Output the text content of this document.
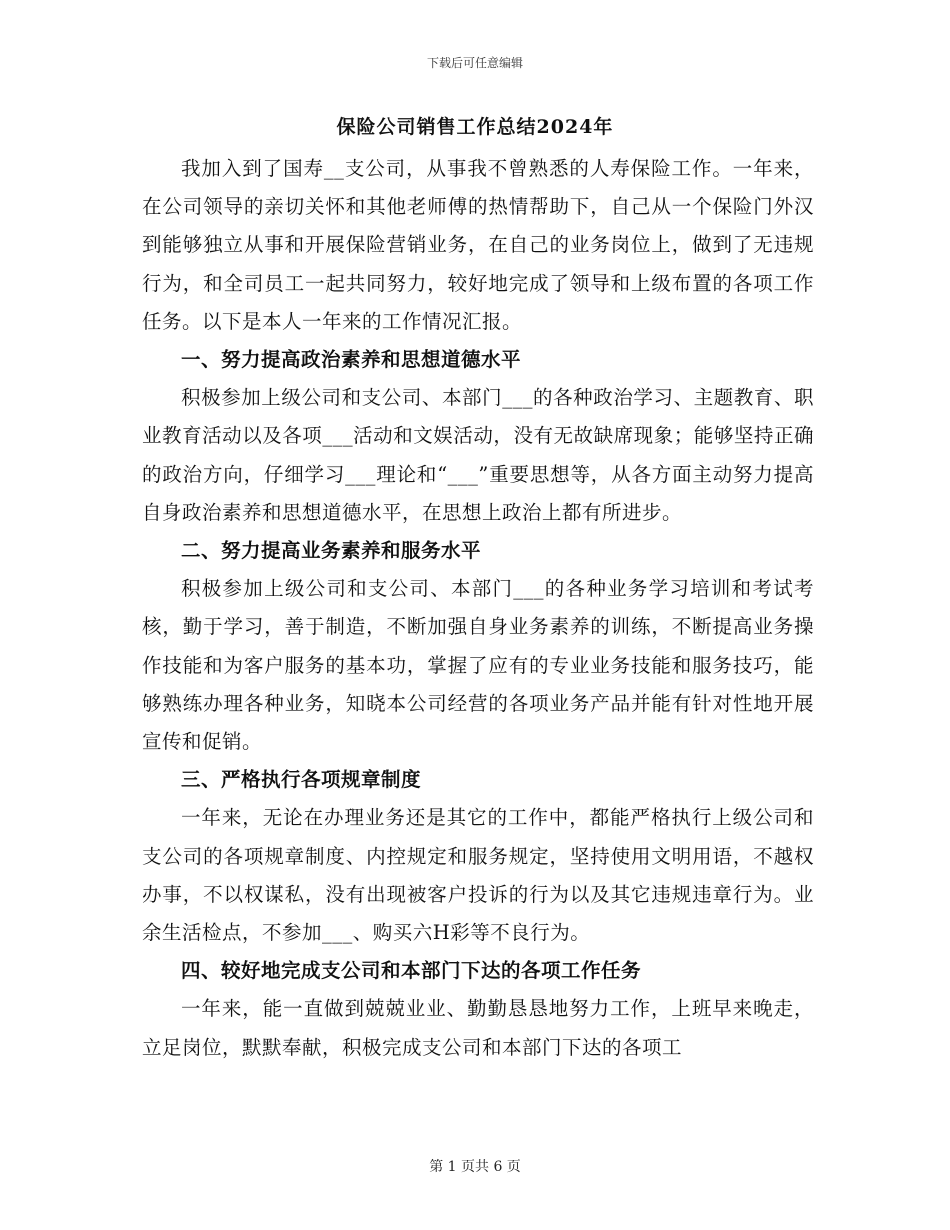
下载后可任意编辑
保险公司销售工作总结2024年

我加入到了国寿__支公司，从事我不曾熟悉的人寿保险工作。一年来，在公司领导的亲切关怀和其他老师傅的热情帮助下，自己从一个保险门外汉到能够独立从事和开展保险营销业务，在自己的业务岗位上，做到了无违规行为，和全司员工一起共同努力，较好地完成了领导和上级布置的各项工作任务。以下是本人一年来的工作情况汇报。

一、努力提高政治素养和思想道德水平

积极参加上级公司和支公司、本部门___的各种政治学习、主题教育、职业教育活动以及各项___活动和文娱活动，没有无故缺席现象；能够坚持正确的政治方向，仔细学习___理论和“___”重要思想等，从各方面主动努力提高自身政治素养和思想道德水平，在思想上政治上都有所进步。

二、努力提高业务素养和服务水平

积极参加上级公司和支公司、本部门___的各种业务学习培训和考试考核，勤于学习，善于制造，不断加强自身业务素养的训练，不断提高业务操作技能和为客户服务的基本功，掌握了应有的专业业务技能和服务技巧，能够熟练办理各种业务，知晓本公司经营的各项业务产品并能有针对性地开展宣传和促销。

三、严格执行各项规章制度

一年来，无论在办理业务还是其它的工作中，都能严格执行上级公司和支公司的各项规章制度、内控规定和服务规定，坚持使用文明用语，不越权办事，不以权谋私，没有出现被客户投诉的行为以及其它违规违章行为。业余生活检点，不参加___、购买六H彩等不良行为。

四、较好地完成支公司和本部门下达的各项工作任务

一年来，能一直做到兢兢业业、勤勤恳恳地努力工作，上班早来晚走，立足岗位，默默奉献，积极完成支公司和本部门下达的各项工

第 1 页共 6 页
